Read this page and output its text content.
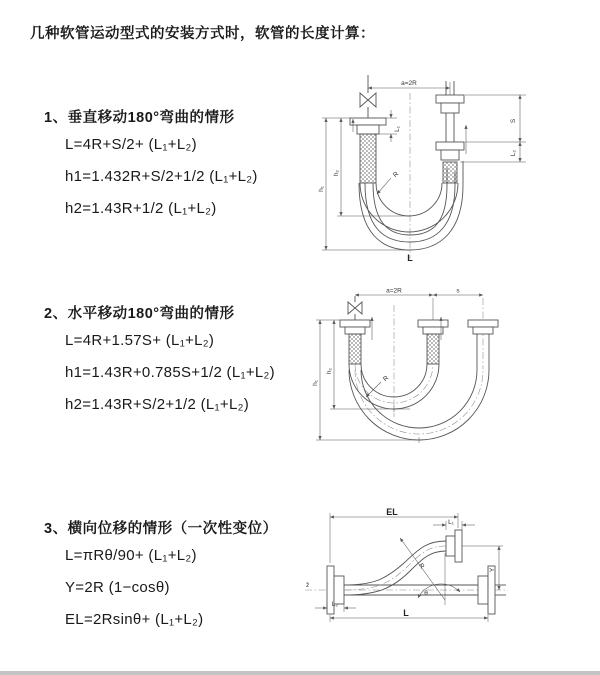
几种软管运动型式的安装方式时，软管的长度计算：
1、垂直移动180°弯曲的情形
L=4R+S/2+ (L₁+L₂)
h1=1.432R+S/2+1/2 (L₁+L₂)
h2=1.43R+1/2 (L₁+L₂)
a=2R
L₁
S
L₂
h₁
h₂	R
L
2、水平移动180°弯曲的情形
L=4R+1.57S+ (L₁+L₂)
h1=1.43R+0.785S+1/2 (L₁+L₂)
h2=1.43R+S/2+1/2 (L₁+L₂)
a=2R	s
h₁
h₂
R
3、横向位移的情形（一次性变位）
L=πRθ/90+ (L₁+L₂)
Y=2R (1−cosθ)
EL=2Rsinθ+ (L₁+L₂)
z̄
EL
L₁
Y
R
θ
L₂
L
